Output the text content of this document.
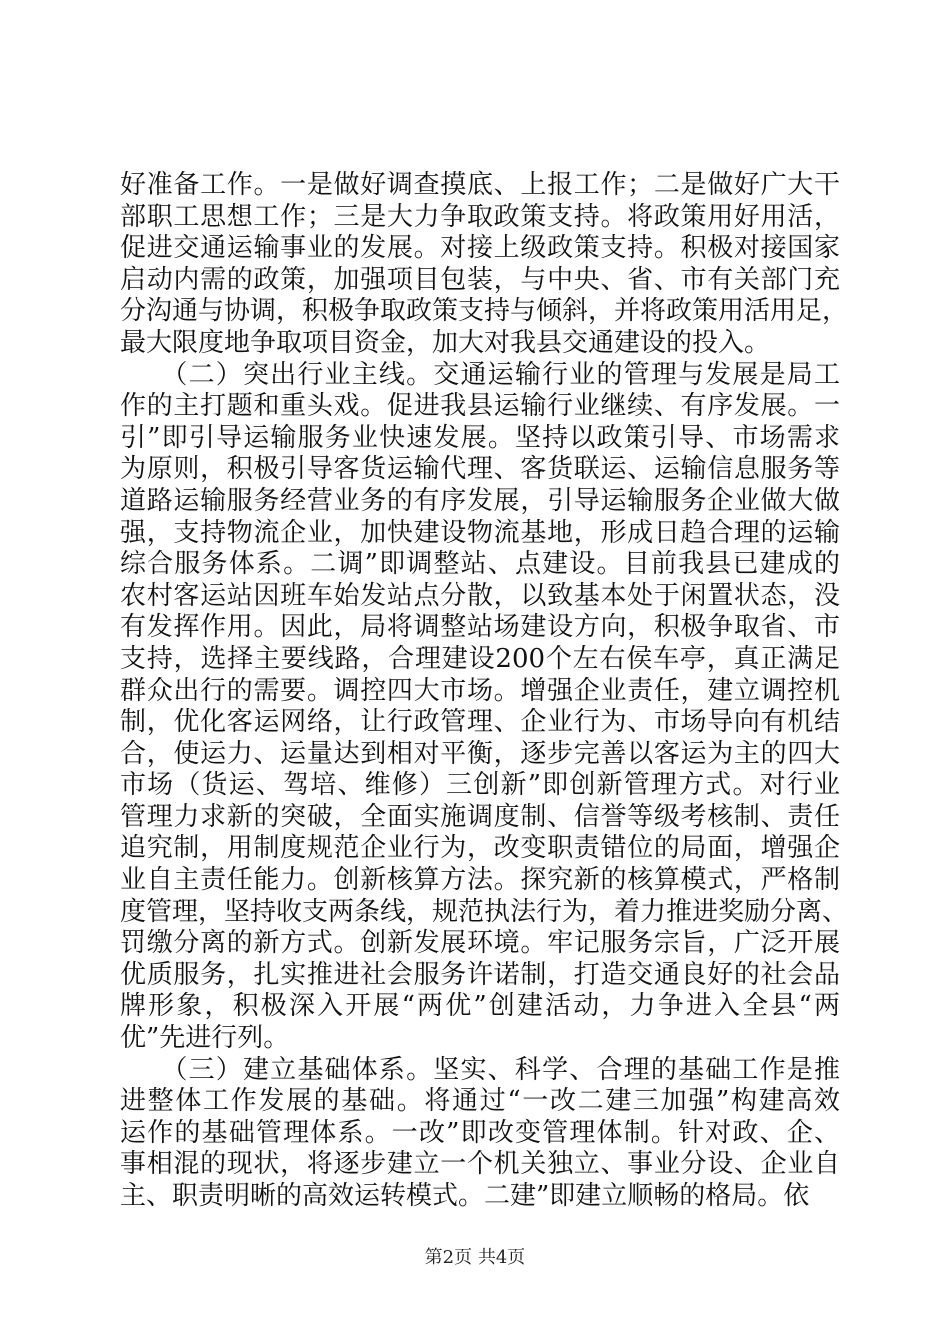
好准备工作。一是做好调查摸底、上报工作；二是做好广大干
部职工思想工作；三是大力争取政策支持。将政策用好用活，
促进交通运输事业的发展。对接上级政策支持。积极对接国家
启动内需的政策，加强项目包装，与中央、省、市有关部门充
分沟通与协调，积极争取政策支持与倾斜，并将政策用活用足，
最大限度地争取项目资金，加大对我县交通建设的投入。
　　（二）突出行业主线。交通运输行业的管理与发展是局工
作的主打题和重头戏。促进我县运输行业继续、有序发展。一
引”即引导运输服务业快速发展。坚持以政策引导、市场需求
为原则，积极引导客货运输代理、客货联运、运输信息服务等
道路运输服务经营业务的有序发展，引导运输服务企业做大做
强，支持物流企业，加快建设物流基地，形成日趋合理的运输
综合服务体系。二调”即调整站、点建设。目前我县已建成的
农村客运站因班车始发站点分散，以致基本处于闲置状态，没
有发挥作用。因此，局将调整站场建设方向，积极争取省、市
支持，选择主要线路，合理建设200个左右侯车亭，真正满足
群众出行的需要。调控四大市场。增强企业责任，建立调控机
制，优化客运网络，让行政管理、企业行为、市场导向有机结
合，使运力、运量达到相对平衡，逐步完善以客运为主的四大
市场（货运、驾培、维修）三创新”即创新管理方式。对行业
管理力求新的突破，全面实施调度制、信誉等级考核制、责任
追究制，用制度规范企业行为，改变职责错位的局面，增强企
业自主责任能力。创新核算方法。探究新的核算模式，严格制
度管理，坚持收支两条线，规范执法行为，着力推进奖励分离、
罚缴分离的新方式。创新发展环境。牢记服务宗旨，广泛开展
优质服务，扎实推进社会服务许诺制，打造交通良好的社会品
牌形象，积极深入开展“两优”创建活动，力争进入全县“两
优”先进行列。
　　（三）建立基础体系。坚实、科学、合理的基础工作是推
进整体工作发展的基础。将通过“一改二建三加强”构建高效
运作的基础管理体系。一改”即改变管理体制。针对政、企、
事相混的现状，将逐步建立一个机关独立、事业分设、企业自
主、职责明晰的高效运转模式。二建”即建立顺畅的格局。依
第2页 共4页
